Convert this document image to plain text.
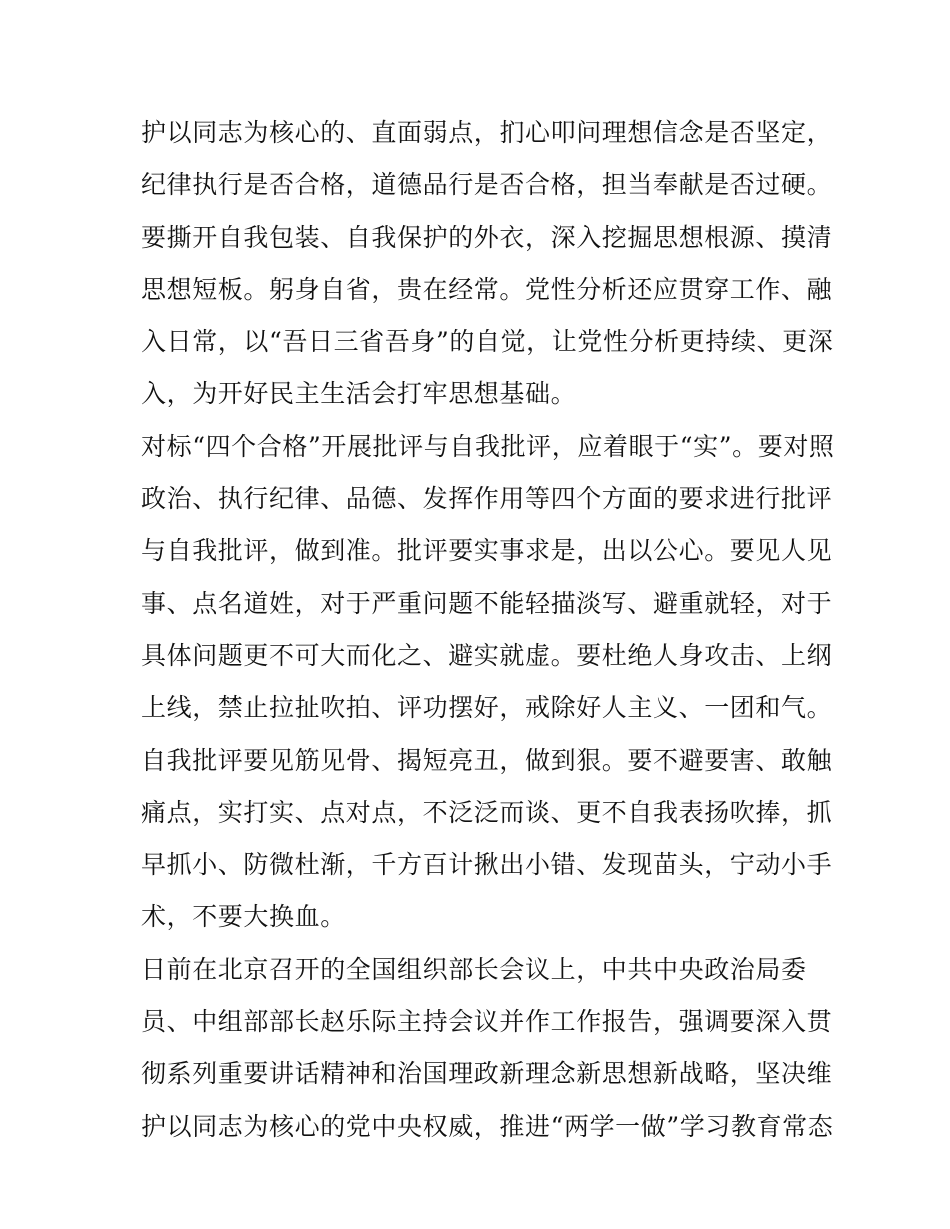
护以同志为核心的、直面弱点，扪心叩问理想信念是否坚定，
纪律执行是否合格，道德品行是否合格，担当奉献是否过硬。
要撕开自我包装、自我保护的外衣，深入挖掘思想根源、摸清
思想短板。躬身自省，贵在经常。党性分析还应贯穿工作、融
入日常，以“吾日三省吾身”的自觉，让党性分析更持续、更深
入，为开好民主生活会打牢思想基础。
对标“四个合格”开展批评与自我批评，应着眼于“实”。要对照
政治、执行纪律、品德、发挥作用等四个方面的要求进行批评
与自我批评，做到准。批评要实事求是，出以公心。要见人见
事、点名道姓，对于严重问题不能轻描淡写、避重就轻，对于
具体问题更不可大而化之、避实就虚。要杜绝人身攻击、上纲
上线，禁止拉扯吹拍、评功摆好，戒除好人主义、一团和气。
自我批评要见筋见骨、揭短亮丑，做到狠。要不避要害、敢触
痛点，实打实、点对点，不泛泛而谈、更不自我表扬吹捧，抓
早抓小、防微杜渐，千方百计揪出小错、发现苗头，宁动小手
术，不要大换血。
日前在北京召开的全国组织部长会议上，中共中央政治局委
员、中组部部长赵乐际主持会议并作工作报告，强调要深入贯
彻系列重要讲话精神和治国理政新理念新思想新战略，坚决维
护以同志为核心的党中央权威，推进“两学一做”学习教育常态
